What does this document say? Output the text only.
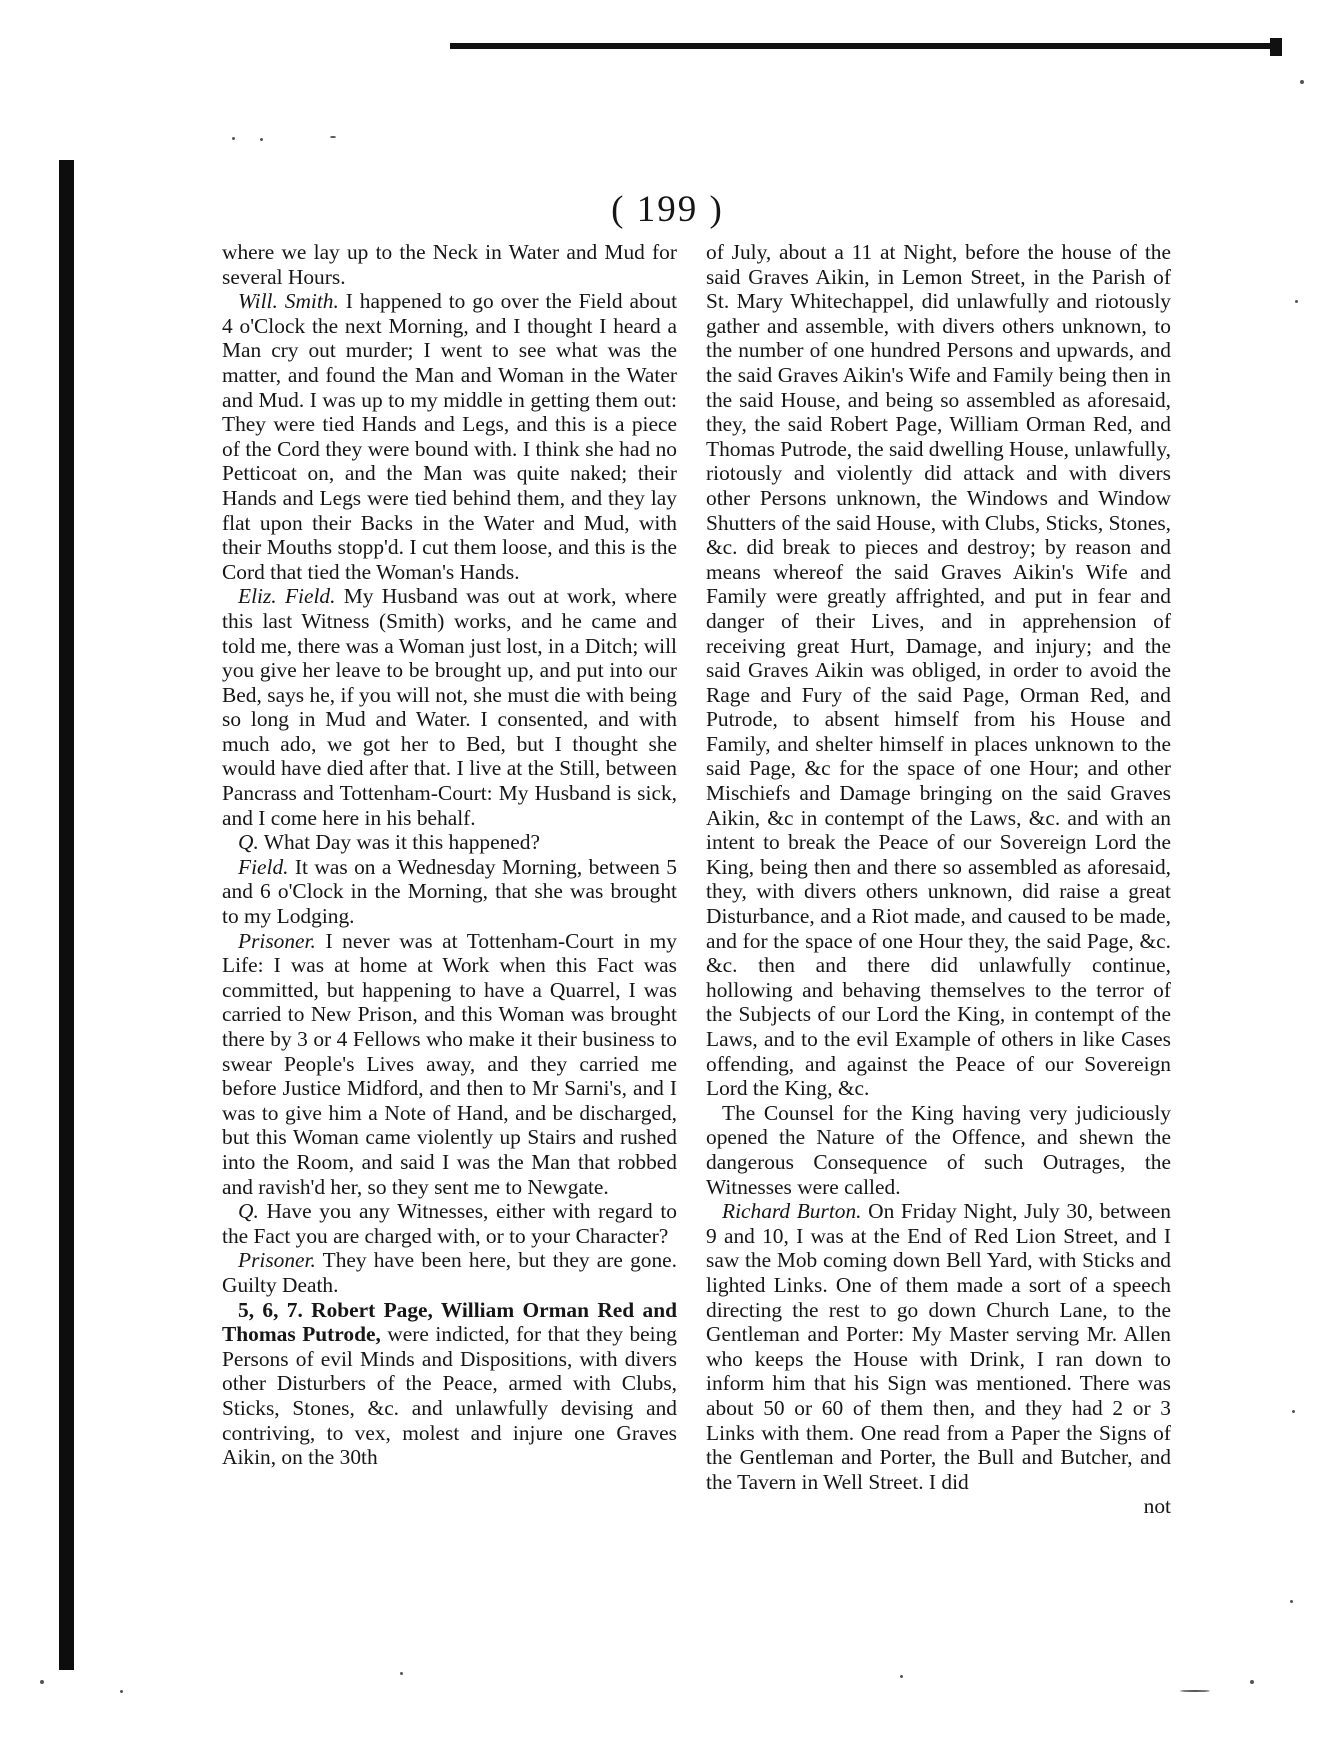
( 199 )

where we lay up to the Neck in Water and Mud for several Hours.

Will. Smith. I happened to go over the Field about 4 o'Clock the next Morning, and I thought I heard a Man cry out murder; I went to see what was the matter, and found the Man and Woman in the Water and Mud. I was up to my middle in getting them out: They were tied Hands and Legs, and this is a piece of the Cord they were bound with. I think she had no Petticoat on, and the Man was quite naked; their Hands and Legs were tied behind them, and they lay flat upon their Backs in the Water and Mud, with their Mouths stopp'd. I cut them loose, and this is the Cord that tied the Woman's Hands.

Eliz. Field. My Husband was out at work, where this last Witness (Smith) works, and he came and told me, there was a Woman just lost, in a Ditch; will you give her leave to be brought up, and put into our Bed, says he, if you will not, she must die with being so long in Mud and Water. I consented, and with much ado, we got her to Bed, but I thought she would have died after that. I live at the Still, between Pancrass and Tottenham-Court: My Husband is sick, and I come here in his behalf.

Q. What Day was it this happened?

Field. It was on a Wednesday Morning, between 5 and 6 o'Clock in the Morning, that she was brought to my Lodging.

Prisoner. I never was at Tottenham-Court in my Life: I was at home at Work when this Fact was committed, but happening to have a Quarrel, I was carried to New Prison, and this Woman was brought there by 3 or 4 Fellows who make it their business to swear People's Lives away, and they carried me before Justice Midford, and then to Mr Sarni's, and I was to give him a Note of Hand, and be discharged, but this Woman came violently up Stairs and rushed into the Room, and said I was the Man that robbed and ravish'd her, so they sent me to Newgate.

Q. Have you any Witnesses, either with regard to the Fact you are charged with, or to your Character?

Prisoner. They have been here, but they are gone. Guilty Death.

5, 6, 7. Robert Page, William Orman Red and Thomas Putrode, were indicted, for that they being Persons of evil Minds and Dispositions, with divers other Disturbers of the Peace, armed with Clubs, Sticks, Stones, &c. and unlawfully devising and contriving, to vex, molest and injure one Graves Aikin, on the 30th

of July, about a 11 at Night, before the house of the said Graves Aikin, in Lemon Street, in the Parish of St. Mary Whitechappel, did unlawfully and riotously gather and assemble, with divers others unknown, to the number of one hundred Persons and upwards, and the said Graves Aikin's Wife and Family being then in the said House, and being so assembled as aforesaid, they, the said Robert Page, William Orman Red, and Thomas Putrode, the said dwelling House, unlawfully, riotously and violently did attack and with divers other Persons unknown, the Windows and Window Shutters of the said House, with Clubs, Sticks, Stones, &c. did break to pieces and destroy; by reason and means whereof the said Graves Aikin's Wife and Family were greatly affrighted, and put in fear and danger of their Lives, and in apprehension of receiving great Hurt, Damage, and injury; and the said Graves Aikin was obliged, in order to avoid the Rage and Fury of the said Page, Orman Red, and Putrode, to absent himself from his House and Family, and shelter himself in places unknown to the said Page, &c for the space of one Hour; and other Mischiefs and Damage bringing on the said Graves Aikin, &c in contempt of the Laws, &c. and with an intent to break the Peace of our Sovereign Lord the King, being then and there so assembled as aforesaid, they, with divers others unknown, did raise a great Disturbance, and a Riot made, and caused to be made, and for the space of one Hour they, the said Page, &c. &c. then and there did unlawfully continue, hollowing and behaving themselves to the terror of the Subjects of our Lord the King, in contempt of the Laws, and to the evil Example of others in like Cases offending, and against the Peace of our Sovereign Lord the King, &c.

The Counsel for the King having very judiciously opened the Nature of the Offence, and shewn the dangerous Consequence of such Outrages, the Witnesses were called.

Richard Burton. On Friday Night, July 30, between 9 and 10, I was at the End of Red Lion Street, and I saw the Mob coming down Bell Yard, with Sticks and lighted Links. One of them made a sort of a speech directing the rest to go down Church Lane, to the Gentleman and Porter: My Master serving Mr. Allen who keeps the House with Drink, I ran down to inform him that his Sign was mentioned. There was about 50 or 60 of them then, and they had 2 or 3 Links with them. One read from a Paper the Signs of the Gentleman and Porter, the Bull and Butcher, and the Tavern in Well Street. I did

not
